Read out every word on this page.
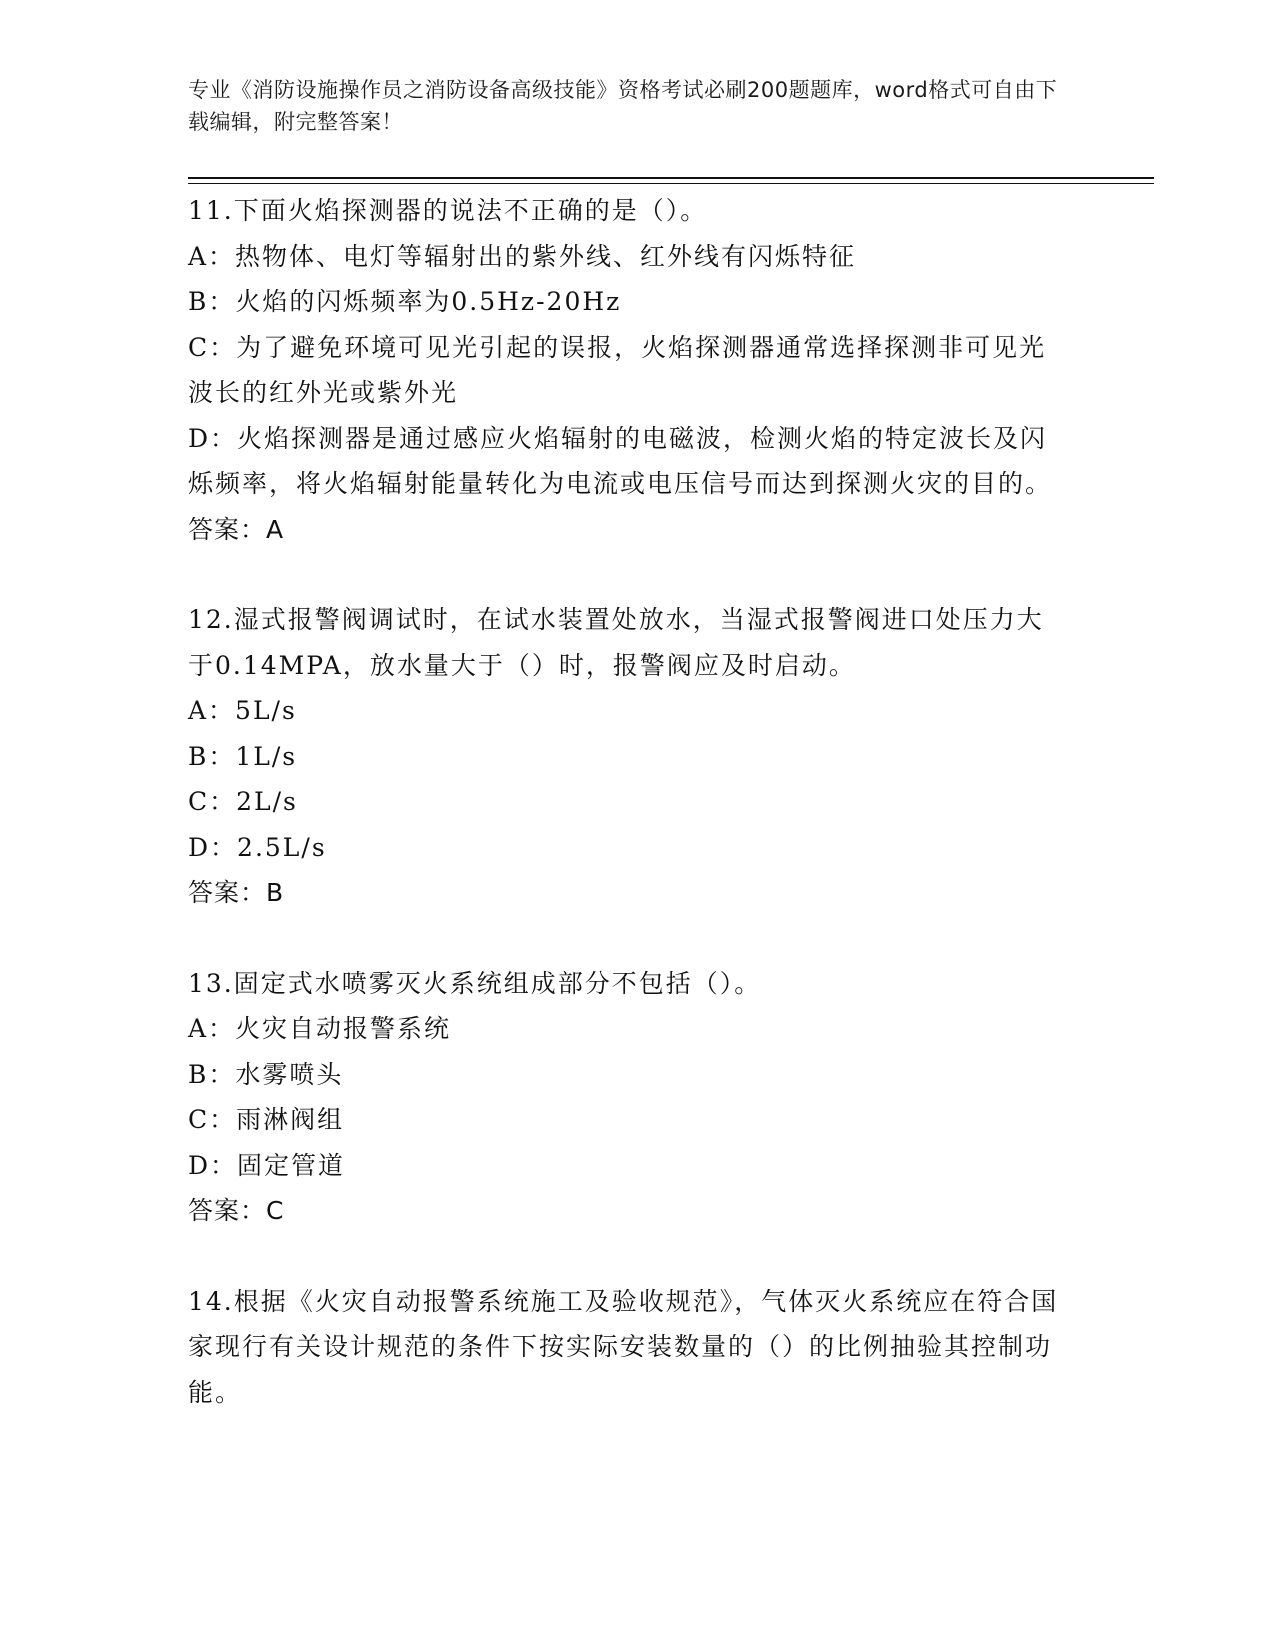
专业《消防设施操作员之消防设备高级技能》资格考试必刷200题题库，word格式可自由下载编辑，附完整答案！

11.下面火焰探测器的说法不正确的是（）。

A：热物体、电灯等辐射出的紫外线、红外线有闪烁特征

B：火焰的闪烁频率为0.5Hz-20Hz

C：为了避免环境可见光引起的误报，火焰探测器通常选择探测非可见光波长的红外光或紫外光

D：火焰探测器是通过感应火焰辐射的电磁波，检测火焰的特定波长及闪烁频率，将火焰辐射能量转化为电流或电压信号而达到探测火灾的目的。

答案：A

12.湿式报警阀调试时，在试水装置处放水，当湿式报警阀进口处压力大于0.14MPA，放水量大于（）时，报警阀应及时启动。

A：5L/s

B：1L/s

C：2L/s

D：2.5L/s

答案：B

13.固定式水喷雾灭火系统组成部分不包括（）。

A：火灾自动报警系统

B：水雾喷头

C：雨淋阀组

D：固定管道

答案：C

14.根据《火灾自动报警系统施工及验收规范》，气体灭火系统应在符合国家现行有关设计规范的条件下按实际安装数量的（）的比例抽验其控制功能。
